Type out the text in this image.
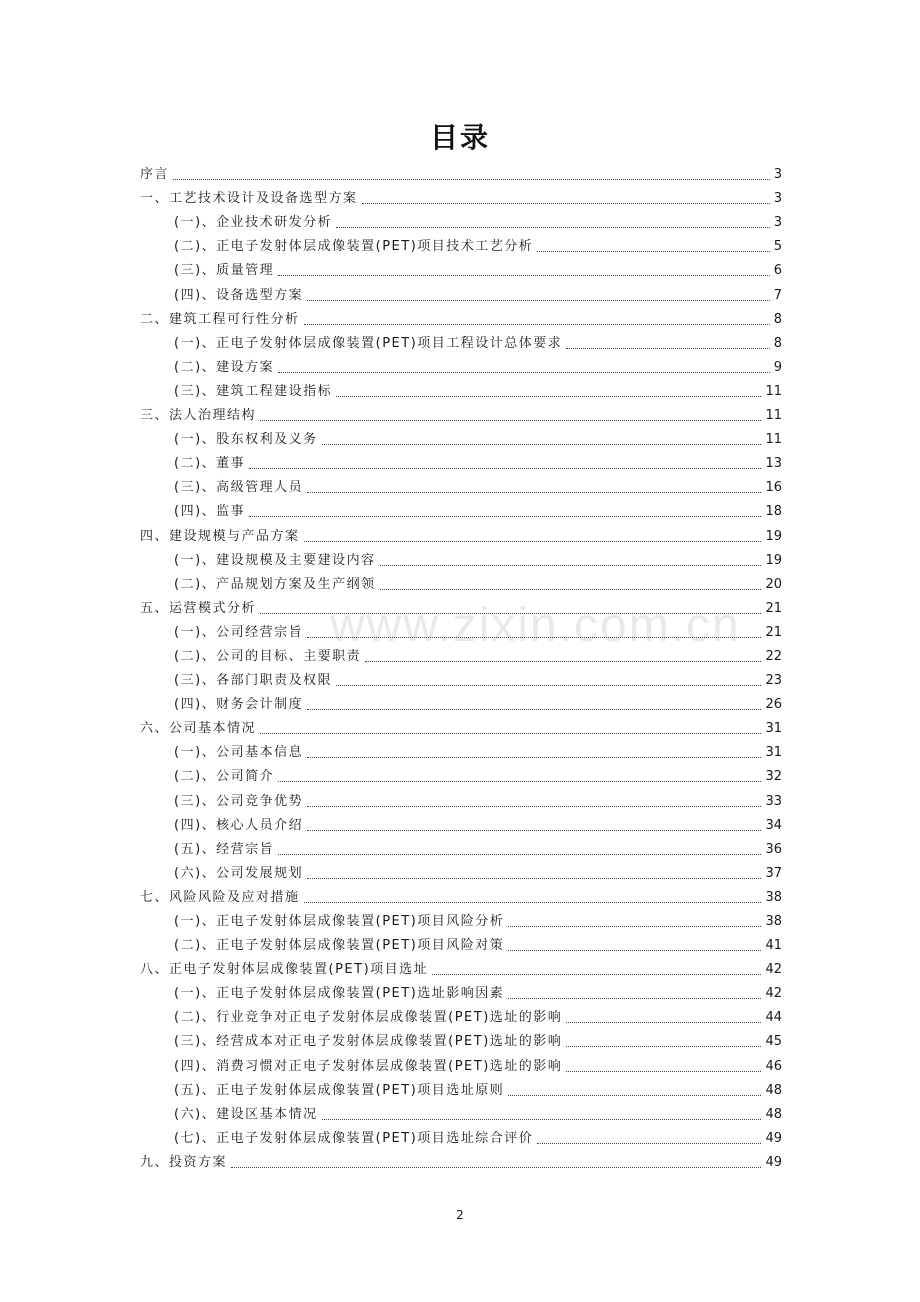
www.zixin.com.cn
目录
序言	3
一、工艺技术设计及设备选型方案	3
(一)、企业技术研发分析	3
(二)、正电子发射体层成像装置(PET)项目技术工艺分析	5
(三)、质量管理	6
(四)、设备选型方案	7
二、建筑工程可行性分析	8
(一)、正电子发射体层成像装置(PET)项目工程设计总体要求	8
(二)、建设方案	9
(三)、建筑工程建设指标	11
三、法人治理结构	11
(一)、股东权利及义务	11
(二)、董事	13
(三)、高级管理人员	16
(四)、监事	18
四、建设规模与产品方案	19
(一)、建设规模及主要建设内容	19
(二)、产品规划方案及生产纲领	20
五、运营模式分析	21
(一)、公司经营宗旨	21
(二)、公司的目标、主要职责	22
(三)、各部门职责及权限	23
(四)、财务会计制度	26
六、公司基本情况	31
(一)、公司基本信息	31
(二)、公司简介	32
(三)、公司竞争优势	33
(四)、核心人员介绍	34
(五)、经营宗旨	36
(六)、公司发展规划	37
七、风险风险及应对措施	38
(一)、正电子发射体层成像装置(PET)项目风险分析	38
(二)、正电子发射体层成像装置(PET)项目风险对策	41
八、正电子发射体层成像装置(PET)项目选址	42
(一)、正电子发射体层成像装置(PET)选址影响因素	42
(二)、行业竞争对正电子发射体层成像装置(PET)选址的影响	44
(三)、经营成本对正电子发射体层成像装置(PET)选址的影响	45
(四)、消费习惯对正电子发射体层成像装置(PET)选址的影响	46
(五)、正电子发射体层成像装置(PET)项目选址原则	48
(六)、建设区基本情况	48
(七)、正电子发射体层成像装置(PET)项目选址综合评价	49
九、投资方案	49
2
